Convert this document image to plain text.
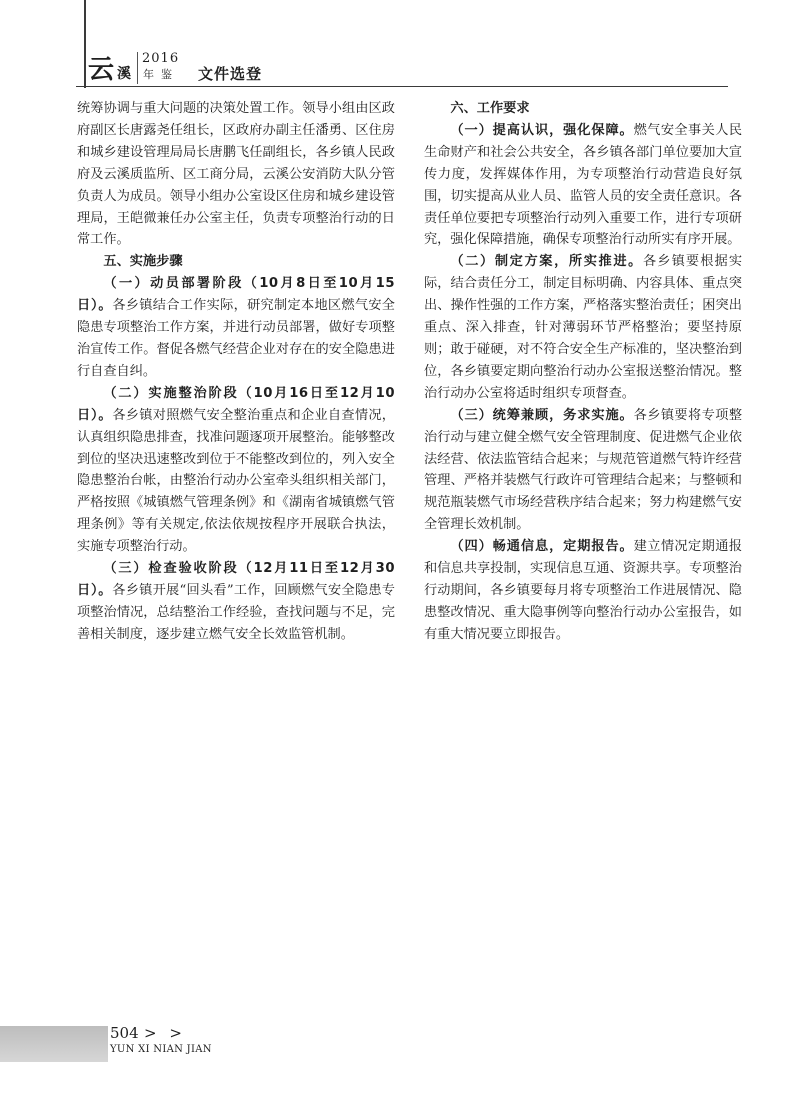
云 溪
2016
年鉴 文件选登

统筹协调与重大问题的决策处置工作。领导小组由区政府副区长唐露尧任组长，区政府办副主任潘勇、区住房和城乡建设管理局局长唐鹏飞任副组长，各乡镇人民政府及云溪质监所、区工商分局，云溪公安消防大队分管负责人为成员。领导小组办公室设区住房和城乡建设管理局，王皑微兼任办公室主任，负责专项整治行动的日常工作。

五、实施步骤

（一）动员部署阶段（10月8日至10月15日）。各乡镇结合工作实际，研究制定本地区燃气安全隐患专项整治工作方案，并进行动员部署，做好专项整治宣传工作。督促各燃气经营企业对存在的安全隐患进行自查自纠。

（二）实施整治阶段（10月16日至12月10日）。各乡镇对照燃气安全整治重点和企业自查情况，认真组织隐患排查，找准问题逐项开展整治。能够整改到位的坚决迅速整改到位于不能整改到位的，列入安全隐患整治台帐，由整治行动办公室牵头组织相关部门，严格按照《城镇燃气管理条例》和《湖南省城镇燃气管理条例》等有关规定,依法依规按程序开展联合执法，实施专项整治行动。

（三）检查验收阶段（12月11日至12月30日）。各乡镇开展“回头看”工作，回顾燃气安全隐患专项整治情况，总结整治工作经验，查找问题与不足，完善相关制度，逐步建立燃气安全长效监管机制。

六、工作要求

（一）提高认识，强化保障。燃气安全事关人民生命财产和社会公共安全，各乡镇各部门单位要加大宣传力度，发挥媒体作用，为专项整治行动营造良好氛围，切实提高从业人员、监管人员的安全责任意识。各责任单位要把专项整治行动列入重要工作，进行专项研究，强化保障措施，确保专项整治行动所实有序开展。

（二）制定方案，所实推进。各乡镇要根据实际，结合责任分工，制定目标明确、内容具体、重点突出、操作性强的工作方案，严格落实整治责任；困突出重点、深入排查，针对薄弱环节严格整治；要坚持原则；敢于碰硬，对不符合安全生产标准的，坚决整治到位，各乡镇要定期向整治行动办公室报送整治情况。整治行动办公室将适时组织专项督查。

（三）统筹兼顾，务求实施。各乡镇要将专项整治行动与建立健全燃气安全管理制度、促进燃气企业依法经营、依法监管结合起来；与规范管道燃气特许经营管理、严格并装燃气行政许可管理结合起来；与整顿和规范瓶装燃气市场经营秩序结合起来；努力构建燃气安全管理长效机制。

（四）畅通信息，定期报告。建立情况定期通报和信息共享投制，实现信息互通、资源共享。专项整治行动期间，各乡镇要每月将专项整治工作进展情况、隐患整改情况、重大隐事例等向整治行动办公室报告，如有重大情况要立即报告。

504 > >
YUN XI NIAN JIAN
